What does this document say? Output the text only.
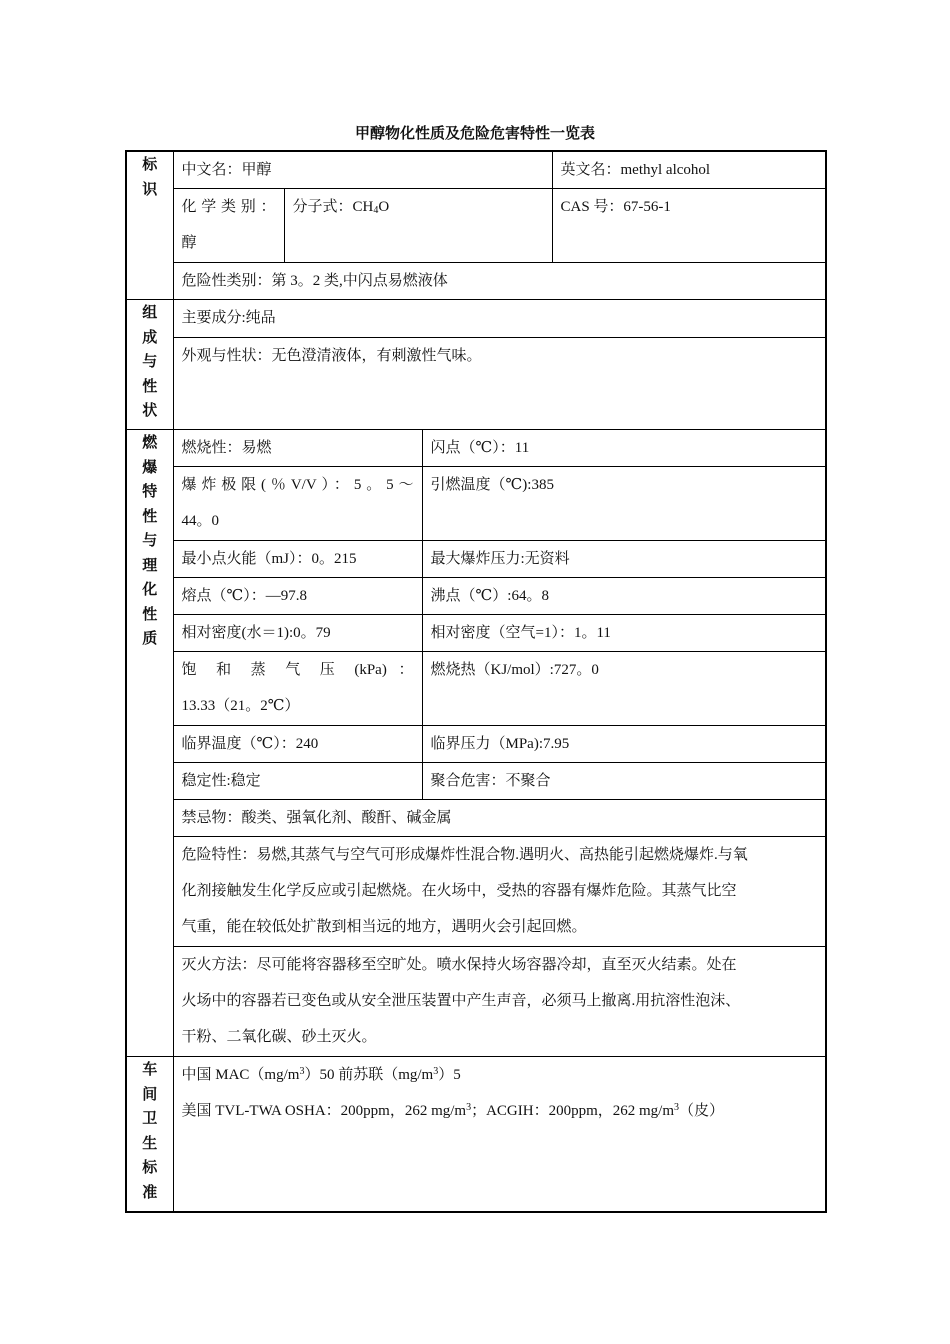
甲醇物化性质及危险危害特性一览表
标识	中文名：甲醇			英文名：methyl alcohol

	化学类别：
醇	分子式：$CH_4O$		CAS 号：67-56-1
	危险性类别：第 3。2 类,中闪点易燃液体			
组成与性状	主要成分:纯品			
	外观与性状：无色澄清液体，有刺激性气味。			
燃爆特性与理化性质	燃烧性：易燃		闪点（℃）：11	

	爆炸极限(％V/V）：5。5～
44。0		引燃温度（℃):385	
	最小点火能（mJ）：0。215		最大爆炸压力:无资料	
	熔点（℃）：—97.8		沸点（℃）:64。8	
	相对密度(水＝1):0。79		相对密度（空气=1）：1。11	

	饱 和 蒸 气 压 (kPa) ：
13.33（21。2℃）		燃烧热（KJ/mol）:727。0	
	临界温度（℃）：240		临界压力（MPa):7.95	
	稳定性:稳定		聚合危害：不聚合	
	禁忌物：酸类、强氧化剂、酸酐、碱金属			

	危险特性：易燃,其蒸气与空气可形成爆炸性混合物.遇明火、高热能引起燃烧爆炸.与氧
化剂接触发生化学反应或引起燃烧。在火场中，受热的容器有爆炸危险。其蒸气比空
气重，能在较低处扩散到相当远的地方，遇明火会引起回燃。			

	灭火方法：尽可能将容器移至空旷处。喷水保持火场容器冷却，直至灭火结素。处在
火场中的容器若已变色或从安全泄压装置中产生声音，必须马上撤离.用抗溶性泡沫、
干粉、二氧化碳、砂土灭火。			

车间卫生标准	中国 $MAC(mg/m^3)50$ 前苏联$(mg/m^3)5$
美国 TVL-TWA OSHA：200ppm，262 $mg/m^3$；ACGIH：200ppm，262 $mg/m^3$（皮）			
